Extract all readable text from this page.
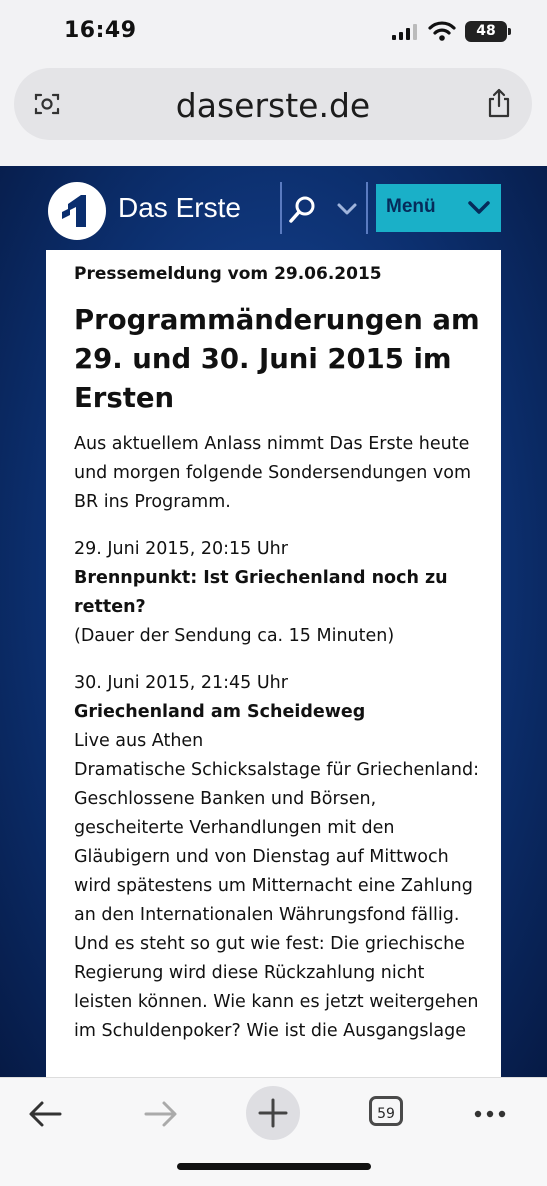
16:49	48
daserste.de
Das Erste	Menü

Pressemeldung vom 29.06.2015

Programmänderungen am 29. und 30. Juni 2015 im Ersten

Aus aktuellem Anlass nimmt Das Erste heute und morgen folgende Sondersendungen vom BR ins Programm.

29. Juni 2015, 20:15 Uhr

Brennpunkt: Ist Griechenland noch zu retten?

(Dauer der Sendung ca. 15 Minuten)

30. Juni 2015, 21:45 Uhr

Griechenland am Scheideweg

Live aus Athen

Dramatische Schicksalstage für Griechenland: Geschlossene Banken und Börsen, gescheiterte Verhandlungen mit den Gläubigern und von Dienstag auf Mittwoch wird spätestens um Mitternacht eine Zahlung an den Internationalen Währungsfond fällig. Und es steht so gut wie fest: Die griechische Regierung wird diese Rückzahlung nicht leisten können. Wie kann es jetzt weitergehen im Schuldenpoker? Wie ist die Ausgangslage

59
